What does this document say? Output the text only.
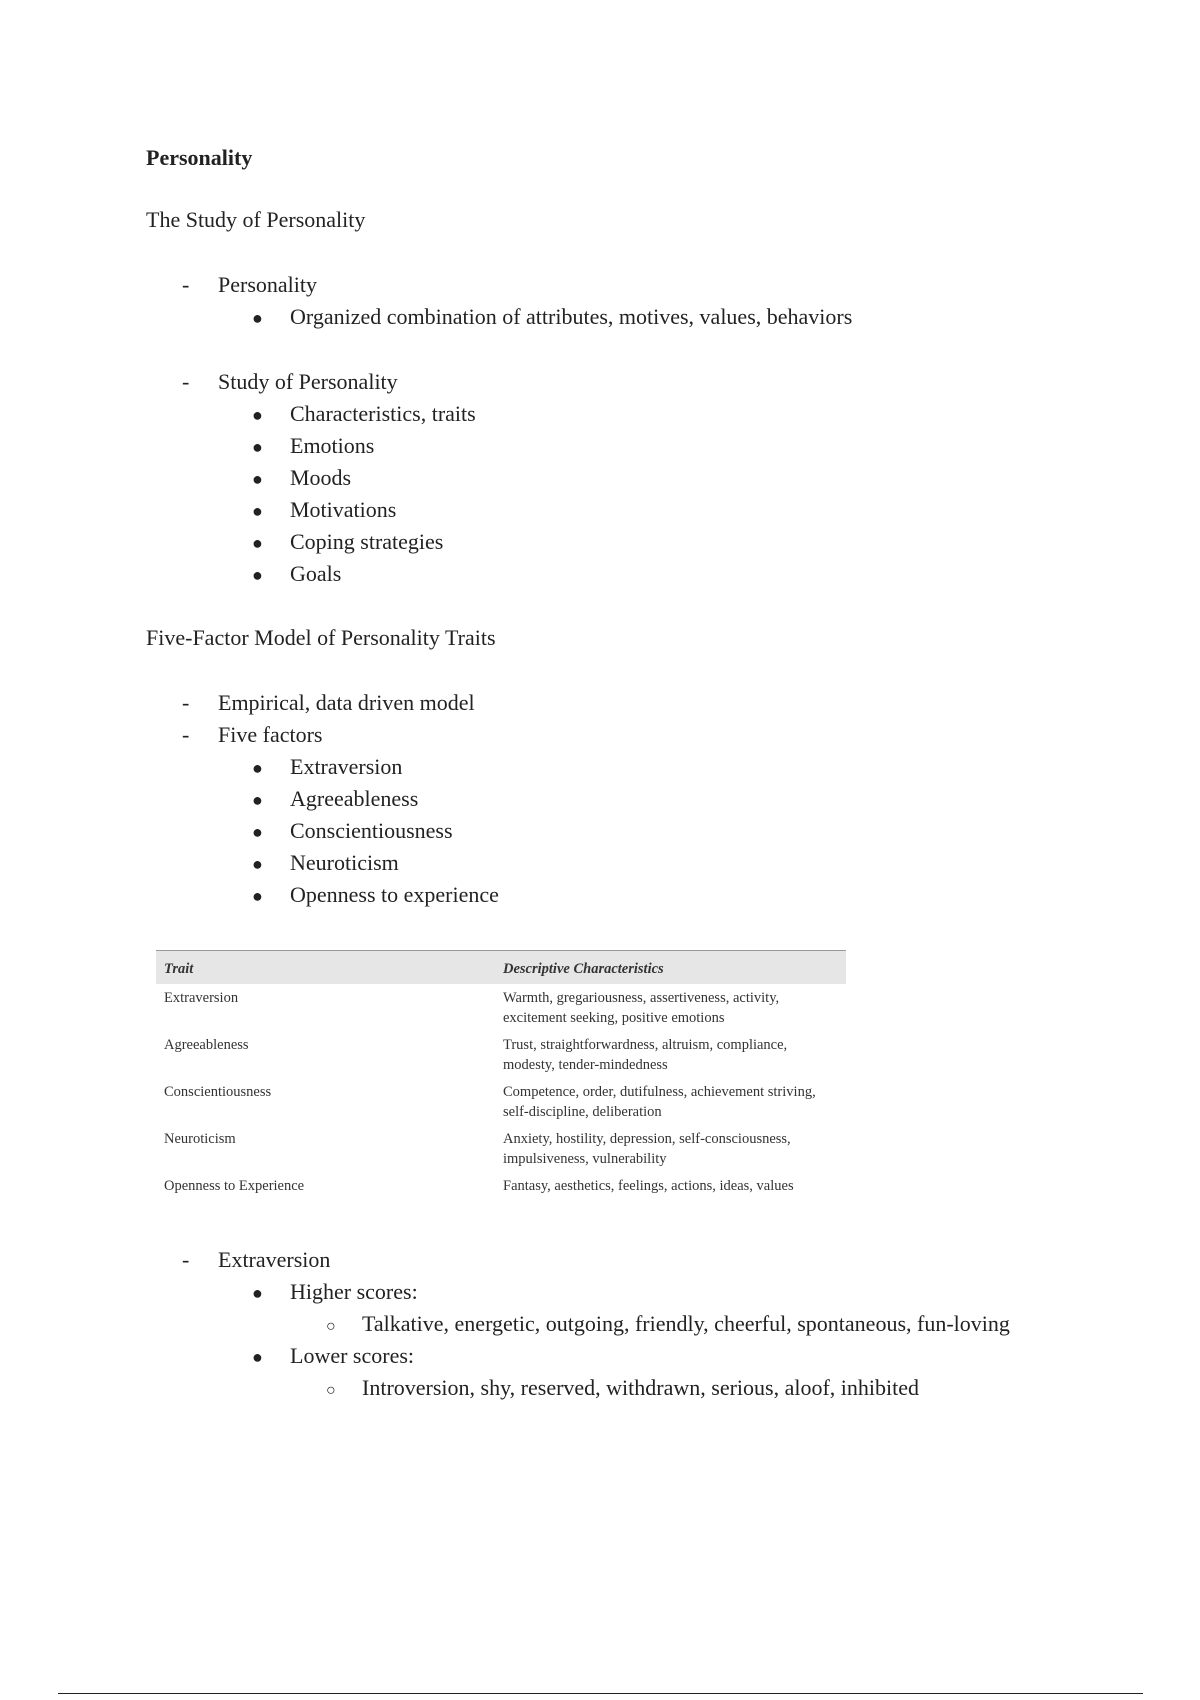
Personality
The Study of Personality
- Personality
● Organized combination of attributes, motives, values, behaviors
- Study of Personality
● Characteristics, traits
● Emotions
● Moods
● Motivations
● Coping strategies
● Goals
Five-Factor Model of Personality Traits
- Empirical, data driven model
- Five factors
● Extraversion
● Agreeableness
● Conscientiousness
● Neuroticism
● Openness to experience
Trait	Descriptive Characteristics
Extraversion	Warmth, gregariousness, assertiveness, activity, excitement seeking, positive emotions
Agreeableness	Trust, straightforwardness, altruism, compliance, modesty, tender-mindedness
Conscientiousness	Competence, order, dutifulness, achievement striving, self-discipline, deliberation
Neuroticism	Anxiety, hostility, depression, self-consciousness, impulsiveness, vulnerability
Openness to Experience	Fantasy, aesthetics, feelings, actions, ideas, values
- Extraversion
● Higher scores:
○ Talkative, energetic, outgoing, friendly, cheerful, spontaneous, fun-loving
● Lower scores:
○ Introversion, shy, reserved, withdrawn, serious, aloof, inhibited
